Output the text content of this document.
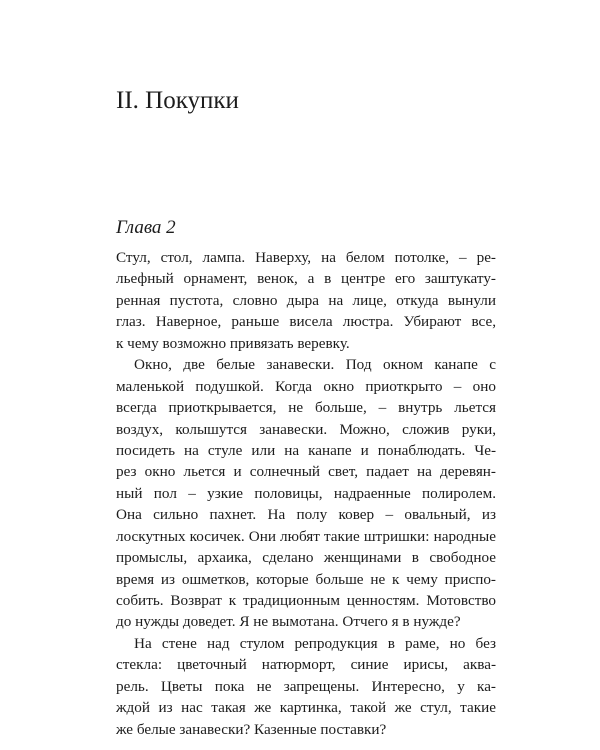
II. Покупки
Глава 2
Стул, стол, лампа. Наверху, на белом потолке, – ре-
льефный орнамент, венок, а в центре его заштукату-
ренная пустота, словно дыра на лице, откуда вынули
глаз. Наверное, раньше висела люстра. Убирают все,
к чему возможно привязать веревку.
Окно, две белые занавески. Под окном канапе с
маленькой подушкой. Когда окно приоткрыто – оно
всегда приоткрывается, не больше, – внутрь льется
воздух, колышутся занавески. Можно, сложив руки,
посидеть на стуле или на канапе и понаблюдать. Че-
рез окно льется и солнечный свет, падает на деревян-
ный пол – узкие половицы, надраенные полиролем.
Она сильно пахнет. На полу ковер – овальный, из
лоскутных косичек. Они любят такие штришки: народные
промыслы, архаика, сделано женщинами в свободное
время из ошметков, которые больше не к чему приспо-
собить. Возврат к традиционным ценностям. Мотовство
до нужды доведет. Я не вымотана. Отчего я в нужде?
На стене над стулом репродукция в раме, но без
стекла: цветочный натюрморт, синие ирисы, аква-
рель. Цветы пока не запрещены. Интересно, у ка-
ждой из нас такая же картинка, такой же стул, такие
же белые занавески? Казенные поставки?
